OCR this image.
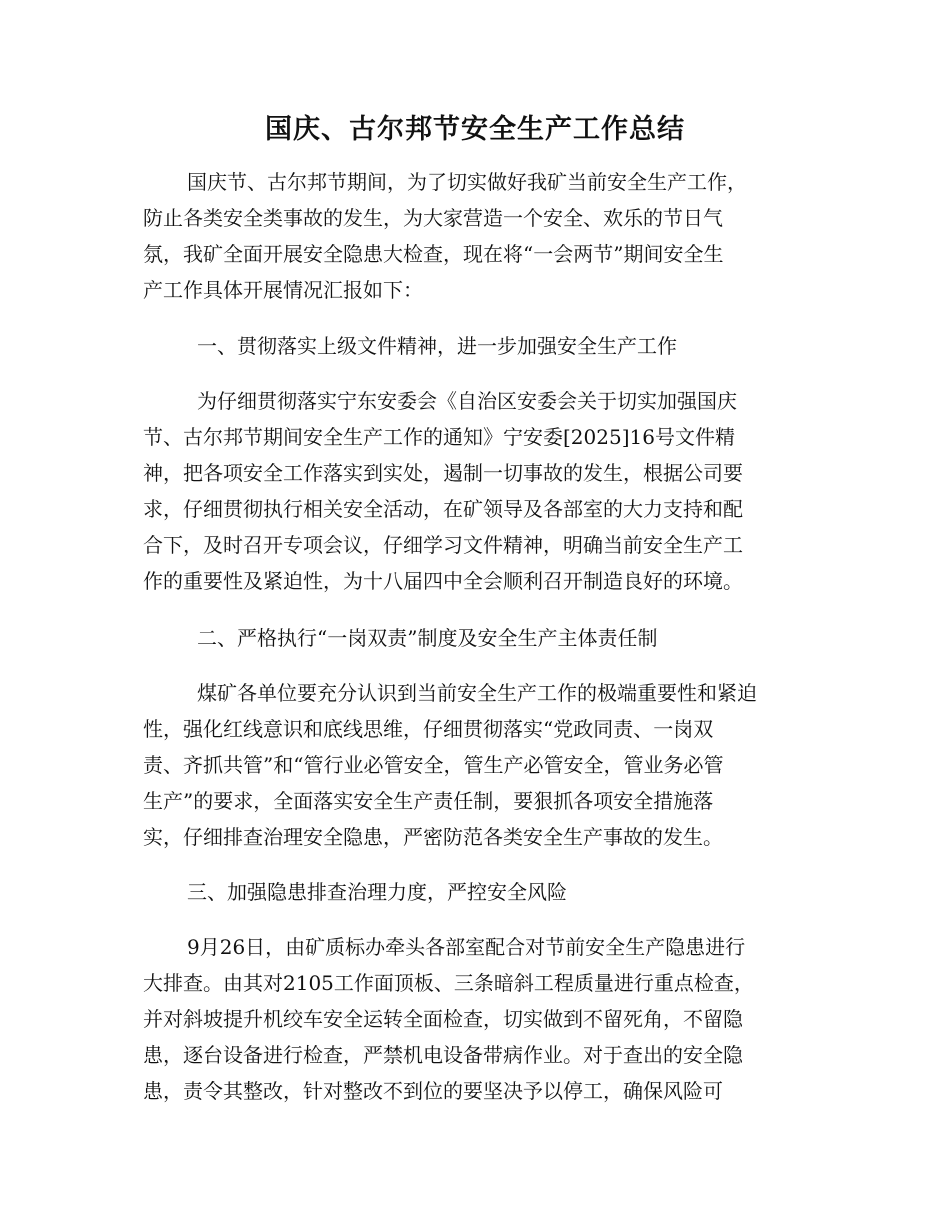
国庆、古尔邦节安全生产工作总结
国庆节、古尔邦节期间，为了切实做好我矿当前安全生产工作，
防止各类安全类事故的发生，为大家营造一个安全、欢乐的节日气
氛，我矿全面开展安全隐患大检查，现在将“一会两节”期间安全生
产工作具体开展情况汇报如下：
一、贯彻落实上级文件精神，进一步加强安全生产工作
为仔细贯彻落实宁东安委会《自治区安委会关于切实加强国庆
节、古尔邦节期间安全生产工作的通知》宁安委[2025]16号文件精
神，把各项安全工作落实到实处，遏制一切事故的发生，根据公司要
求，仔细贯彻执行相关安全活动，在矿领导及各部室的大力支持和配
合下，及时召开专项会议，仔细学习文件精神，明确当前安全生产工
作的重要性及紧迫性，为十八届四中全会顺利召开制造良好的环境。
二、严格执行“一岗双责”制度及安全生产主体责任制
煤矿各单位要充分认识到当前安全生产工作的极端重要性和紧迫
性，强化红线意识和底线思维，仔细贯彻落实“党政同责、一岗双
责、齐抓共管”和“管行业必管安全，管生产必管安全，管业务必管
生产”的要求，全面落实安全生产责任制，要狠抓各项安全措施落
实，仔细排查治理安全隐患，严密防范各类安全生产事故的发生。
三、加强隐患排查治理力度，严控安全风险
9月26日，由矿质标办牵头各部室配合对节前安全生产隐患进行
大排查。由其对2105工作面顶板、三条暗斜工程质量进行重点检查，
并对斜坡提升机绞车安全运转全面检查，切实做到不留死角，不留隐
患，逐台设备进行检查，严禁机电设备带病作业。对于查出的安全隐
患，责令其整改，针对整改不到位的要坚决予以停工，确保风险可
